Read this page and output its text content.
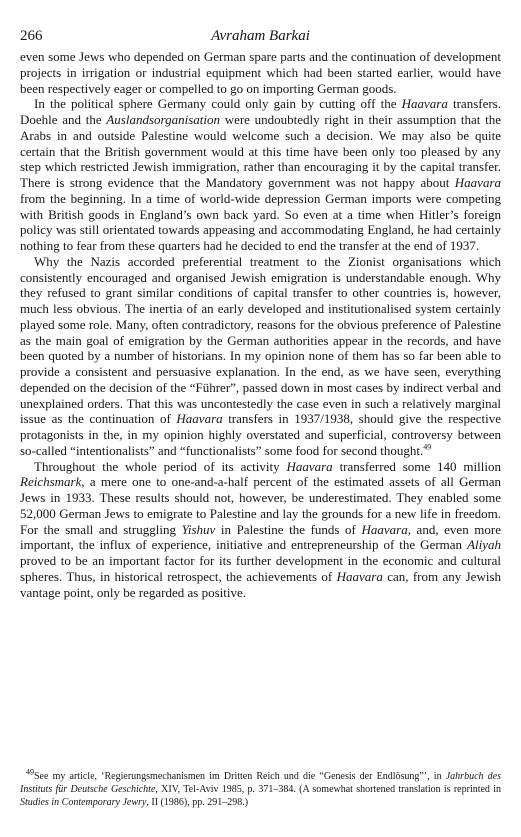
266	Avraham Barkai

even some Jews who depended on German spare parts and the continuation of development projects in irrigation or industrial equipment which had been started earlier, would have been respectively eager or compelled to go on importing German goods.

In the political sphere Germany could only gain by cutting off the Haavara transfers. Doehle and the Auslandsorganisation were undoubtedly right in their assumption that the Arabs in and outside Palestine would welcome such a decision. We may also be quite certain that the British government would at this time have been only too pleased by any step which restricted Jewish immigration, rather than encouraging it by the capital transfer. There is strong evidence that the Mandatory government was not happy about Haavara from the beginning. In a time of world-wide depression German imports were competing with British goods in England’s own back yard. So even at a time when Hitler’s foreign policy was still orientated towards appeasing and accommodating England, he had certainly nothing to fear from these quarters had he decided to end the transfer at the end of 1937.

Why the Nazis accorded preferential treatment to the Zionist organisations which consistently encouraged and organised Jewish emigration is understandable enough. Why they refused to grant similar conditions of capital transfer to other countries is, however, much less obvious. The inertia of an early developed and institutionalised system certainly played some role. Many, often contradictory, reasons for the obvious preference of Palestine as the main goal of emigration by the German authorities appear in the records, and have been quoted by a number of historians. In my opinion none of them has so far been able to provide a consistent and persuasive explanation. In the end, as we have seen, everything depended on the decision of the “Führer”, passed down in most cases by indirect verbal and unexplained orders. That this was uncontestedly the case even in such a relatively marginal issue as the continuation of Haavara transfers in 1937/1938, should give the respective protagonists in the, in my opinion highly overstated and superficial, controversy between so-called “intentionalists” and “functionalists” some food for second thought.$^{49}$

Throughout the whole period of its activity Haavara transferred some 140 million Reichsmark, a mere one to one-and-a-half percent of the estimated assets of all German Jews in 1933. These results should not, however, be underestimated. They enabled some 52,000 German Jews to emigrate to Palestine and lay the grounds for a new life in freedom. For the small and struggling Yishuv in Palestine the funds of Haavara, and, even more important, the influx of experience, initiative and entrepreneurship of the German Aliyah proved to be an important factor for its further development in the economic and cultural spheres. Thus, in historical retrospect, the achievements of Haavara can, from any Jewish vantage point, only be regarded as positive.

$^{49}$See my article, ‘Regierungsmechanismen im Dritten Reich und die “Genesis der Endlösung”’, in Jahrbuch des Instituts für Deutsche Geschichte, XIV, Tel-Aviv 1985, p. 371–384. (A somewhat shortened translation is reprinted in Studies in Contemporary Jewry, II (1986), pp. 291–298.)
